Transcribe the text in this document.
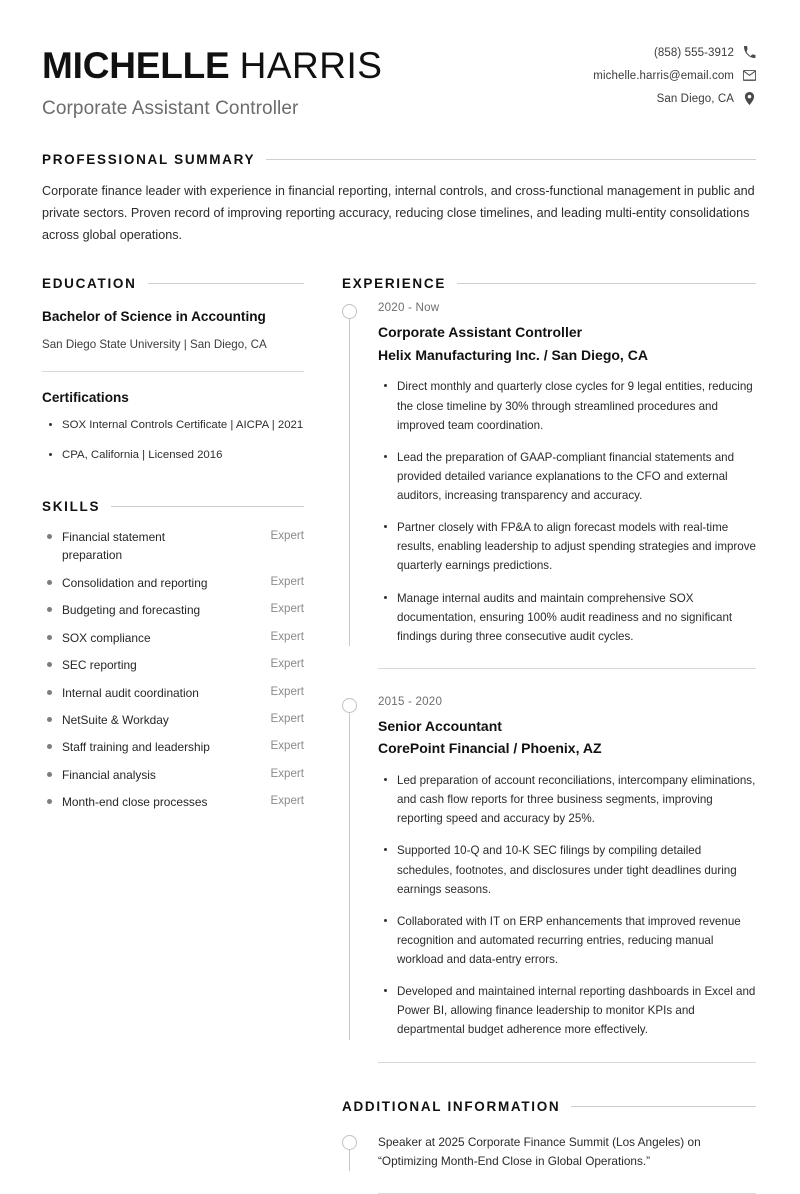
MICHELLE HARRIS
Corporate Assistant Controller
(858) 555-3912
michelle.harris@email.com
San Diego, CA
PROFESSIONAL SUMMARY
Corporate finance leader with experience in financial reporting, internal controls, and cross-functional management in public and private sectors. Proven record of improving reporting accuracy, reducing close timelines, and leading multi-entity consolidations across global operations.
EDUCATION
Bachelor of Science in Accounting
San Diego State University | San Diego, CA
Certifications
SOX Internal Controls Certificate | AICPA | 2021
CPA, California | Licensed 2016
SKILLS
Financial statement preparation
Expert
Consolidation and reporting	Expert
Budgeting and forecasting	Expert
SOX compliance	Expert
SEC reporting	Expert
Internal audit coordination	Expert
NetSuite & Workday	Expert
Staff training and leadership	Expert
Financial analysis	Expert
Month-end close processes	Expert
EXPERIENCE
2020 - Now
Corporate Assistant Controller
Helix Manufacturing Inc. / San Diego, CA
Direct monthly and quarterly close cycles for 9 legal entities, reducing the close timeline by 30% through streamlined procedures and improved team coordination.
Lead the preparation of GAAP-compliant financial statements and provided detailed variance explanations to the CFO and external auditors, increasing transparency and accuracy.
Partner closely with FP&A to align forecast models with real-time results, enabling leadership to adjust spending strategies and improve quarterly earnings predictions.
Manage internal audits and maintain comprehensive SOX documentation, ensuring 100% audit readiness and no significant findings during three consecutive audit cycles.
2015 - 2020
Senior Accountant
CorePoint Financial / Phoenix, AZ
Led preparation of account reconciliations, intercompany eliminations, and cash flow reports for three business segments, improving reporting speed and accuracy by 25%.
Supported 10-Q and 10-K SEC filings by compiling detailed schedules, footnotes, and disclosures under tight deadlines during earnings seasons.
Collaborated with IT on ERP enhancements that improved revenue recognition and automated recurring entries, reducing manual workload and data-entry errors.
Developed and maintained internal reporting dashboards in Excel and Power BI, allowing finance leadership to monitor KPIs and departmental budget adherence more effectively.
ADDITIONAL INFORMATION
Speaker at 2025 Corporate Finance Summit (Los Angeles) on “Optimizing Month-End Close in Global Operations.”
